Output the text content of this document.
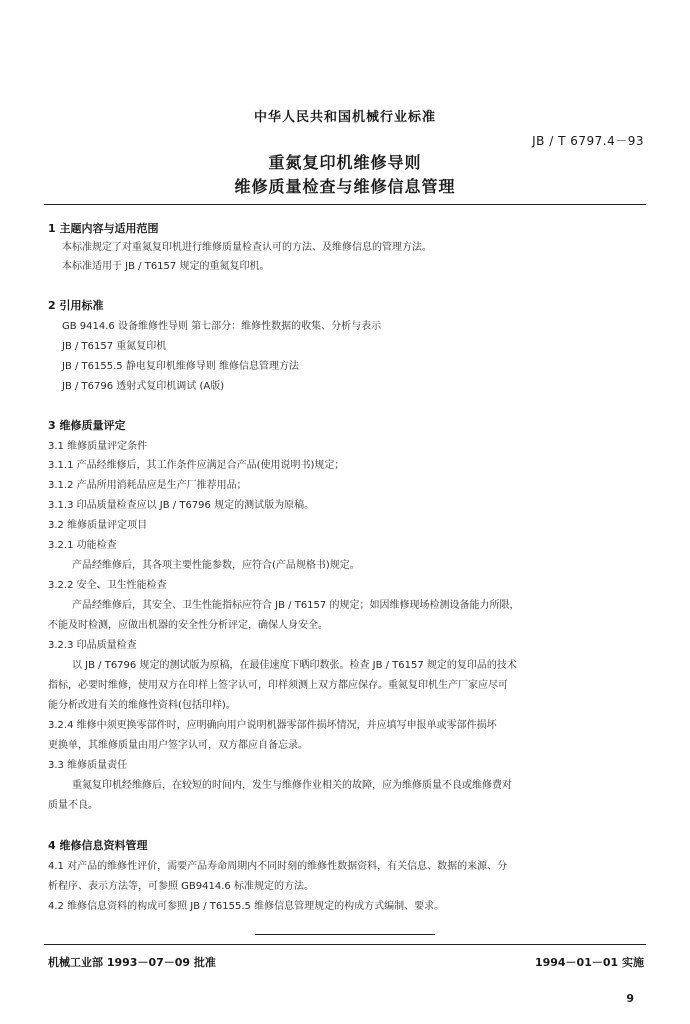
中华人民共和国机械行业标准
JB / T 6797.4－93
重氮复印机维修导则
维修质量检查与维修信息管理
1 主题内容与适用范围
本标准规定了对重氮复印机进行维修质量检查认可的方法、及维修信息的管理方法。
本标准适用于 JB / T6157 规定的重氮复印机。
2 引用标准
GB 9414.6 设备维修性导则 第七部分：维修性数据的收集、分析与表示
JB / T6157 重氮复印机
JB / T6155.5 静电复印机维修导则 维修信息管理方法
JB / T6796 透射式复印机调试 (A版)
3 维修质量评定
3.1 维修质量评定条件
3.1.1 产品经维修后，其工作条件应满足合产品(使用说明书)规定；
3.1.2 产品所用消耗品应是生产厂推荐用品；
3.1.3 印品质量检查应以 JB / T6796 规定的测试版为原稿。
3.2 维修质量评定项目
3.2.1 功能检查
产品经维修后，其各项主要性能参数，应符合(产品规格书)规定。
3.2.2 安全、卫生性能检查
产品经维修后，其安全、卫生性能指标应符合 JB / T6157 的规定；如因维修现场检测设备能力所限，
不能及时检测，应做出机器的安全性分析评定，确保人身安全。
3.2.3 印品质量检查
以 JB / T6796 规定的测试版为原稿，在最佳速度下晒印数张。检查 JB / T6157 规定的复印品的技术
指标，必要时维修，使用双方在印样上签字认可，印样须测上双方都应保存。重氮复印机生产厂家应尽可
能分析改进有关的维修性资料(包括印样)。
3.2.4 维修中须更换零部件时，应明确向用户说明机器零部件损坏情况，并应填写申报单或零部件损坏
更换单，其维修质量由用户签字认可，双方都应自备忘录。
3.3 维修质量责任
重氮复印机经维修后，在较短的时间内，发生与维修作业相关的故障，应为维修质量不良或维修费对
质量不良。
4 维修信息资料管理
4.1 对产品的维修性评价，需要产品寿命周期内不同时刻的维修性数据资料，有关信息、数据的来源、分
析程序、表示方法等，可参照 GB9414.6 标准规定的方法。
4.2 维修信息资料的构成可参照 JB / T6155.5 维修信息管理规定的构成方式编制、要求。
机械工业部 1993－07－09 批准	1994－01－01 实施
9
